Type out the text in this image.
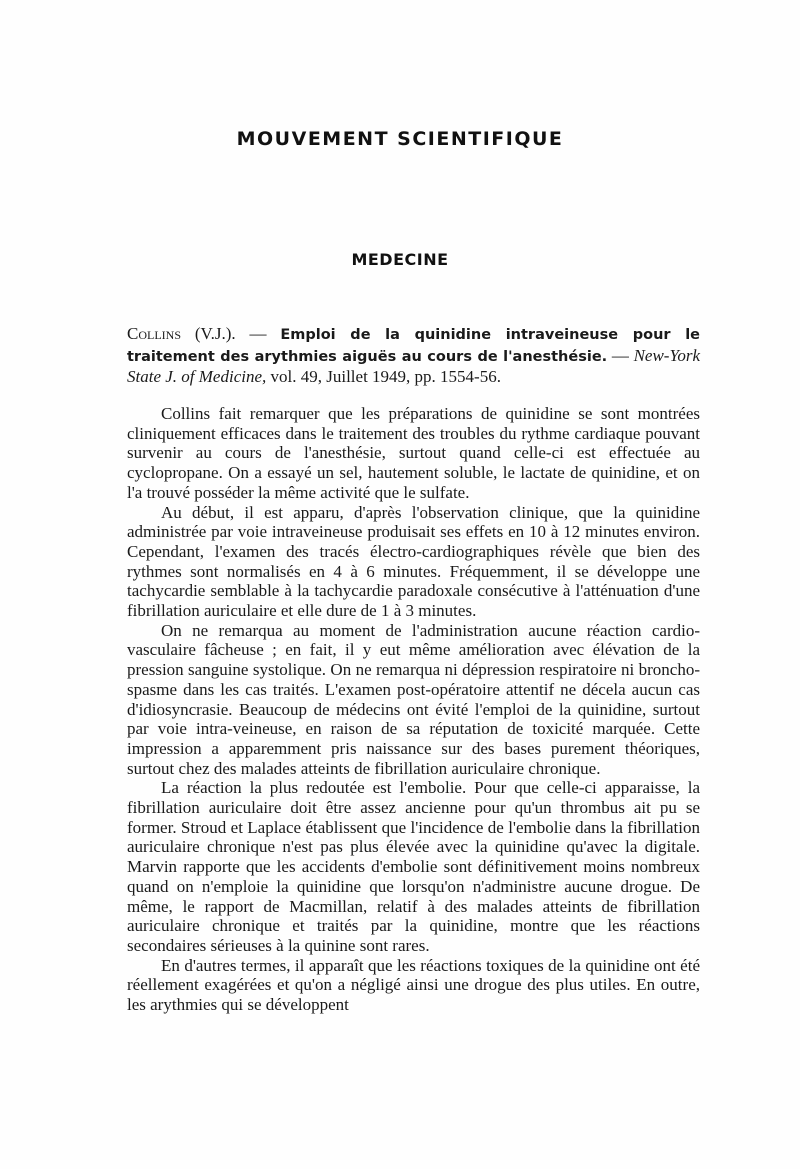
MOUVEMENT SCIENTIFIQUE
MEDECINE
Collins (V.J.). — Emploi de la quinidine intraveineuse pour le traitement des arythmies aiguës au cours de l'anesthésie. — New-York State J. of Medicine, vol. 49, Juillet 1949, pp. 1554-56.

Collins fait remarquer que les préparations de quinidine se sont montrées cliniquement efficaces dans le traitement des troubles du rythme cardiaque pouvant survenir au cours de l'anesthésie, surtout quand celle-ci est effectuée au cyclopropane. On a essayé un sel, hautement soluble, le lactate de quinidine, et on l'a trouvé posséder la même activité que le sulfate.

Au début, il est apparu, d'après l'observation clinique, que la quinidine administrée par voie intraveineuse produisait ses effets en 10 à 12 minutes environ. Cependant, l'examen des tracés électro-cardiographiques révèle que bien des rythmes sont normalisés en 4 à 6 minutes. Fréquemment, il se développe une tachycardie semblable à la tachycardie paradoxale consécutive à l'atténuation d'une fibrillation auriculaire et elle dure de 1 à 3 minutes.

On ne remarqua au moment de l'administration aucune réaction cardio-vasculaire fâcheuse ; en fait, il y eut même amélioration avec élévation de la pression sanguine systolique. On ne remarqua ni dépression respiratoire ni broncho-spasme dans les cas traités. L'examen post-opératoire attentif ne décela aucun cas d'idiosyncrasie. Beaucoup de médecins ont évité l'emploi de la quinidine, surtout par voie intra-veineuse, en raison de sa réputation de toxicité marquée. Cette impression a apparemment pris naissance sur des bases purement théoriques, surtout chez des malades atteints de fibrillation auriculaire chronique.

La réaction la plus redoutée est l'embolie. Pour que celle-ci apparaisse, la fibrillation auriculaire doit être assez ancienne pour qu'un thrombus ait pu se former. Stroud et Laplace établissent que l'incidence de l'embolie dans la fibrillation auriculaire chronique n'est pas plus élevée avec la quinidine qu'avec la digitale. Marvin rapporte que les accidents d'embolie sont définitivement moins nombreux quand on n'emploie la quinidine que lorsqu'on n'administre aucune drogue. De même, le rapport de Macmillan, relatif à des malades atteints de fibrillation auriculaire chronique et traités par la quinidine, montre que les réactions secondaires sérieuses à la quinine sont rares.

En d'autres termes, il apparaît que les réactions toxiques de la quinidine ont été réellement exagérées et qu'on a négligé ainsi une drogue des plus utiles. En outre, les arythmies qui se développent
